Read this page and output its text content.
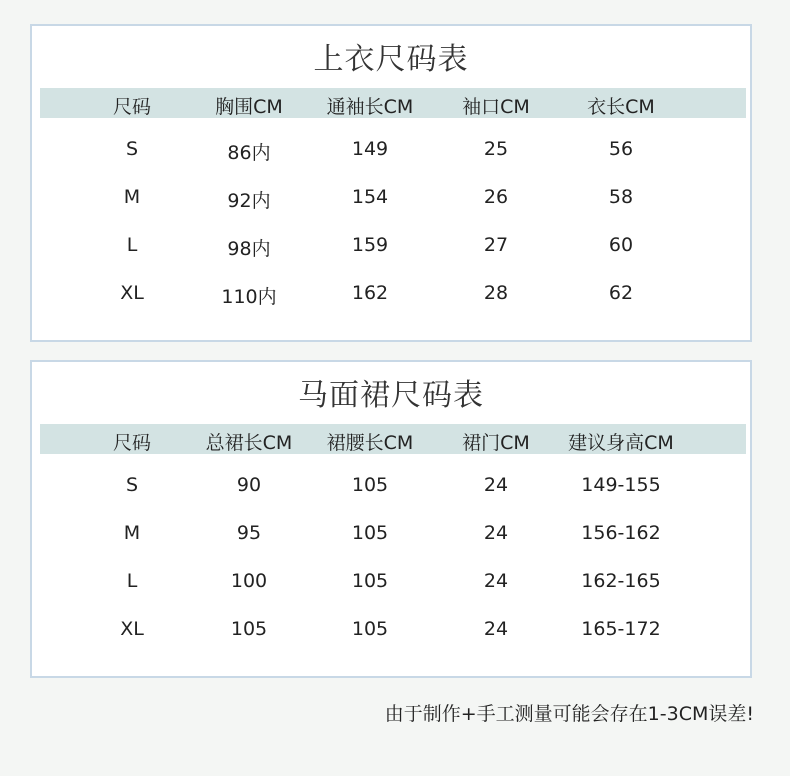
上衣尺码表
尺码	胸围CM	通袖长CM	袖口CM	衣长CM
S	86内	149	25	56
M	92内	154	26	58
L	98内	159	27	60
XL	110内	162	28	62
马面裙尺码表
尺码	总裙长CM	裙腰长CM	裙门CM	建议身高CM
S	90	105	24	149-155
M	95	105	24	156-162
L	100	105	24	162-165
XL	105	105	24	165-172
由于制作+手工测量可能会存在1-3CM误差!
